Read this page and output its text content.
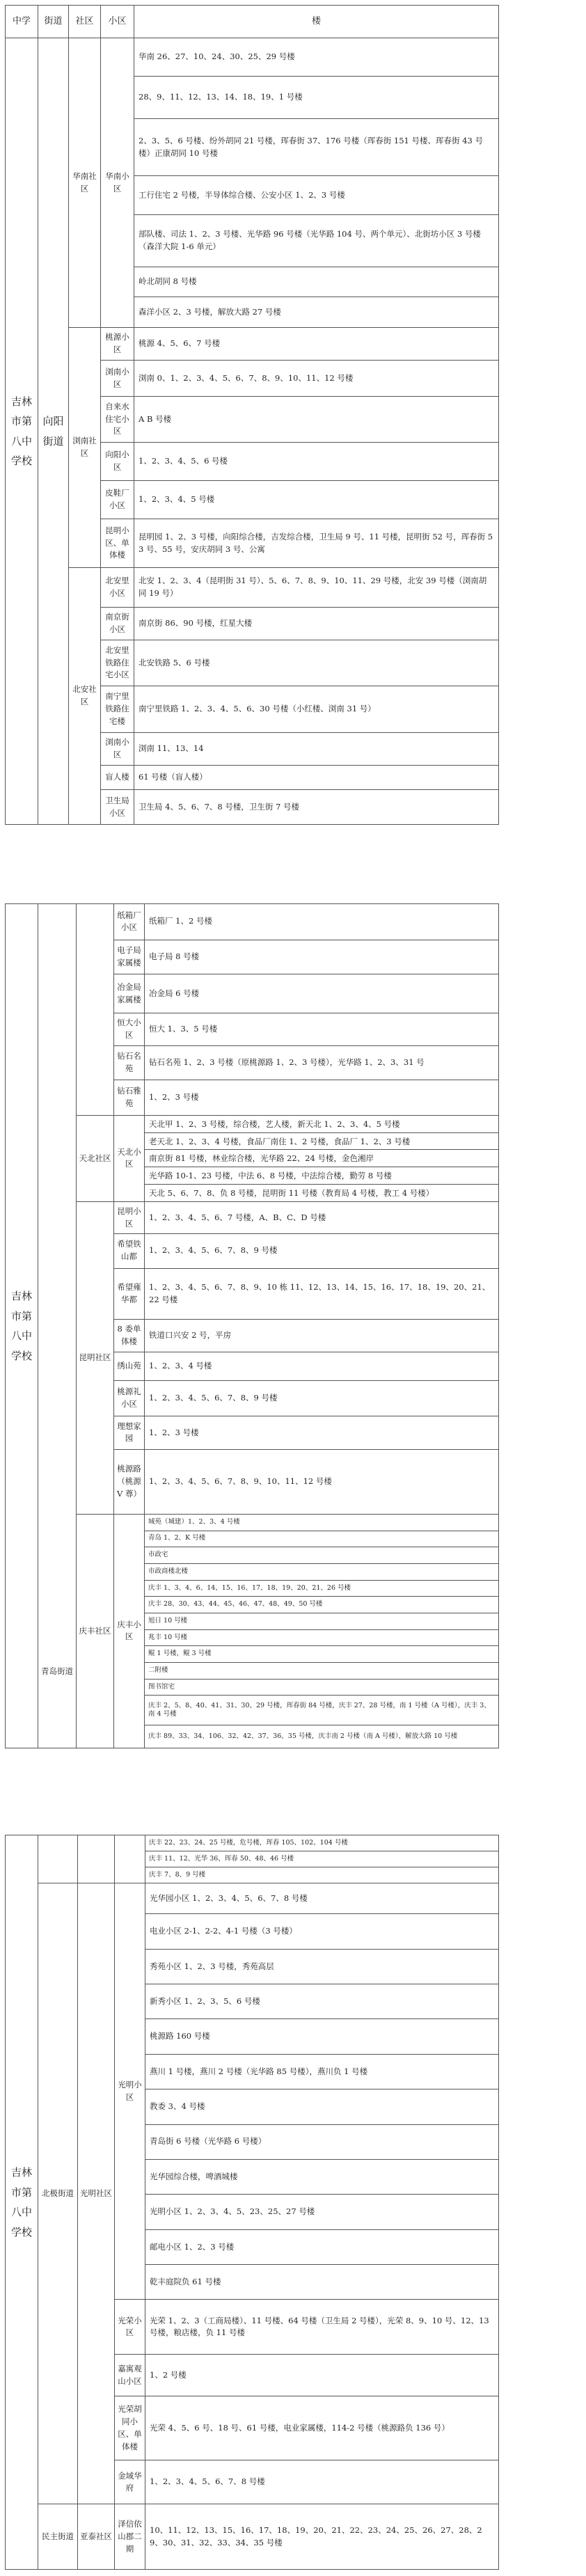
中学	街道	社区	小区	楼
吉林市第八中学校	向阳街道	华南社区	华南小区	华南 26、27、10、24、30、25、29 号楼
				28、9、11、12、13、14、18、19、1 号楼
				2、3、5、6 号楼、纷外胡同 21 号楼，珲春街 37、176 号楼（珲春街 151 号楼、珲春街 43 号楼）正康胡同 10 号楼
				工行住宅 2 号楼，半导体综合楼、公安小区 1、2、3 号楼
				部队楼、司法 1、2、3 号楼、光华路 96 号楼（光华路 104 号、两个单元）、北街坊小区 3 号楼（森洋大院 1-6 单元）
				岭北胡同 8 号楼
				森洋小区 2、3 号楼，解放大路 27 号楼
		浏南社区	桃源小区	桃源 4、5、6、7 号楼
			浏南小区	浏南 0、1、2、3、4、5、6、7、8、9、10、11、12 号楼
			自来水住宅小区	A B 号楼
			向阳小区	1、2、3、4、5、6 号楼
			皮鞋厂小区	1、2、3、4、5 号楼
			昆明小区、单体楼	昆明园 1、2、3 号楼，向阳综合楼，吉发综合楼，卫生局 9 号、11 号楼，昆明街 52 号，珲春街 53 号、55 号，安庆胡同 3 号、公寓
		北安社区	北安里小区	北安 1、2、3、4（昆明街 31 号）、5、6、7、8、9、10、11、29 号楼，北安 39 号楼（浏南胡同 19 号）
			南京街小区	南京街 86、90 号楼，红星大楼
			北安里铁路住宅小区	北安铁路 5、6 号楼
			南宁里铁路住宅楼	南宁里铁路 1、2、3、4、5、6、30 号楼（小红楼、浏南 31 号）
			浏南小区	浏南 11、13、14
			盲人楼	61 号楼（盲人楼）
			卫生局小区	卫生局 4、5、6、7、8 号楼，卫生街 7 号楼
吉林市第八中学校	青岛街道		纸箱厂小区	纸箱厂 1、2 号楼
			电子局家属楼	电子局 8 号楼
			冶金局家属楼	冶金局 6 号楼
			恒大小区	恒大 1、3、5 号楼
			钻石名苑	钻石名苑 1、2、3 号楼（原桃源路 1、2、3 号楼），光华路 1、2、3、31 号
			钻石雅苑	1、2、3 号楼
		天北社区	天北小区	天北甲 1、2、3 号楼，综合楼，艺人楼，新天北 1、2、3、4、5 号楼
				老天北 1、2、3、4 号楼，食品厂南住 1、2 号楼，食品厂 1、2、3 号楼
				南京街 81 号楼，林业综合楼，光华路 22、24 号楼，金色湘岸
				光华路 10-1、23 号楼，中法 6、8 号楼，中法综合楼，勤劳 8 号楼
				天北 5、6、7、8、负 8 号楼，昆明街 11 号楼（教育局 4 号楼，教工 4 号楼）
		昆明社区	昆明小区	1、2、3、4、5、6、7 号楼，A、B、C、D 号楼
			希望铁山都	1、2、3、4、5、6、7、8、9 号楼
			希望雍华都	1、2、3、4、5、6、7、8、9、10 栋 11、12、13、14、15、16、17、18、19、20、21、22 号楼
			8 委单体楼	铁道口兴安 2 号，平房
			绣山苑	1、2、3、4 号楼
			桃源礼小区	1、2、3、4、5、6、7、8、9 号楼
			理想家园	1、2、3 号楼
			桃源路（桃源 V 尊）	1、2、3、4、5、6、7、8、9、10、11、12 号楼
		庆丰社区	庆丰小区	城苑（城建）1、2、3、4 号楼
				青岛 1、2、K 号楼
				市政宅
				市政商楼北楼
				庆丰 1、3、4、6、14、15、16、17、18、19、20、21、26 号楼
				庆丰 28、30、43、44、45、46、47、48、49、50 号楼
				旭日 10 号楼
				兆丰 10 号楼
				鲲 1 号楼，鲲 3 号楼
				二附楼
				图书馆宅
				庆丰 2、5、8、40、41、31、30、29 号楼，珲春街 84 号楼，庆丰 27、28 号楼，南 1 号楼（A 号楼），庆丰 3、南 4 号楼
				庆丰 89、33、34、106、32、42、37、36、35 号楼，庆丰南 2 号楼（南 A 号楼），解放大路 10 号楼
吉林市第八中学校				庆丰 22、23、24、25 号楼，危号楼，珲春 105、102、104 号楼
				庆丰 11、12、光华 36、珲春 50、48、46 号楼
				庆丰 7、8、9 号楼
	北极街道	光明社区	光明小区	光华园小区 1、2、3、4、5、6、7、8 号楼
				电业小区 2-1、2-2、4-1 号楼（3 号楼）
				秀苑小区 1、2、3 号楼，秀苑高层
				新秀小区 1、2、3、5、6 号楼
				桃源路 160 号楼
				燕川 1 号楼，燕川 2 号楼（光华路 85 号楼），燕川负 1 号楼
				教委 3、4 号楼
				青岛街 6 号楼（光华路 6 号楼）
				光华园综合楼，啤酒城楼
				光明小区 1、2、3、4、5、23、25、27 号楼
				邮电小区 1、2、3 号楼
				乾丰庭院负 61 号楼
			光荣小区	光荣 1、2、3（工商局楼）、11 号楼、64 号楼（卫生局 2 号楼），光荣 8、9、10 号、12、13 号楼，粮店楼，负 11 号楼
			嘉寓观山小区	1、2 号楼
			光荣胡同小区、单体楼	光荣 4、5、6 号、18 号、61 号楼，电业家属楼，114-2 号楼（桃源路负 136 号）
			金域华府	1、2、3、4、5、6、7、8 号楼
	民主街道	亚泰社区	泽信依山郡二期	10、11、12、13、15、16、17、18、19、20、21、22、23、24、25、26、27、28、29、30、31、32、33、34、35 号楼
